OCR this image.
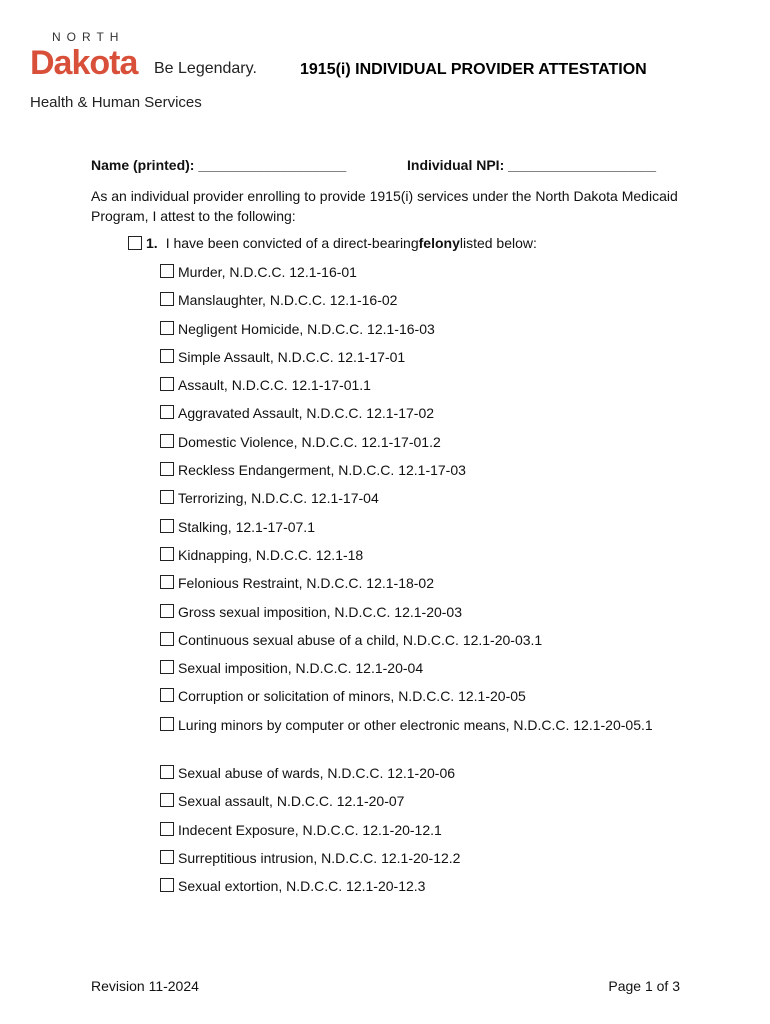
NORTH
Dakota Be Legendary.
Health & Human Services
1915(i) INDIVIDUAL PROVIDER ATTESTATION
Name (printed): ___________________	Individual NPI: ___________________
As an individual provider enrolling to provide 1915(i) services under the North Dakota Medicaid Program, I attest to the following:
1. I have been convicted of a direct-bearing felony listed below:
Murder, N.D.C.C. 12.1-16-01
Manslaughter, N.D.C.C. 12.1-16-02
Negligent Homicide, N.D.C.C. 12.1-16-03
Simple Assault, N.D.C.C. 12.1-17-01
Assault, N.D.C.C. 12.1-17-01.1
Aggravated Assault, N.D.C.C. 12.1-17-02
Domestic Violence, N.D.C.C. 12.1-17-01.2
Reckless Endangerment, N.D.C.C. 12.1-17-03
Terrorizing, N.D.C.C. 12.1-17-04
Stalking, 12.1-17-07.1
Kidnapping, N.D.C.C. 12.1-18
Felonious Restraint, N.D.C.C. 12.1-18-02
Gross sexual imposition, N.D.C.C. 12.1-20-03
Continuous sexual abuse of a child, N.D.C.C. 12.1-20-03.1
Sexual imposition, N.D.C.C. 12.1-20-04
Corruption or solicitation of minors, N.D.C.C. 12.1-20-05
Luring minors by computer or other electronic means, N.D.C.C. 12.1-20-05.1
Sexual abuse of wards, N.D.C.C. 12.1-20-06
Sexual assault, N.D.C.C. 12.1-20-07
Indecent Exposure, N.D.C.C. 12.1-20-12.1
Surreptitious intrusion, N.D.C.C. 12.1-20-12.2
Sexual extortion, N.D.C.C. 12.1-20-12.3
Revision 11-2024	Page 1 of 3
